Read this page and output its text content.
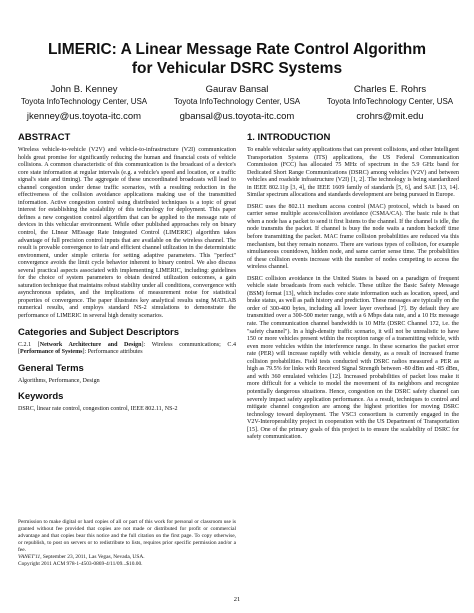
LIMERIC: A Linear Message Rate Control Algorithm
for Vehicular DSRC Systems
John B. Kenney
Toyota InfoTechnology Center, USA
jkenney@us.toyota-itc.com
Gaurav Bansal
Toyota InfoTechnology Center, USA
gbansal@us.toyota-itc.com
Charles E. Rohrs
Toyota InfoTechnology Center, USA
crohrs@mit.edu
ABSTRACT

Wireless vehicle-to-vehicle (V2V) and vehicle-to-infrastructure (V2I) communication holds great promise for significantly reducing the human and financial costs of vehicle collisions. A common characteristic of this communication is the broadcast of a device's core state information at regular intervals (e.g. a vehicle's speed and location, or a traffic signal's state and timing). The aggregate of these uncoordinated broadcasts will lead to channel congestion under dense traffic scenarios, with a resulting reduction in the effectiveness of the collision avoidance applications making use of the transmitted information. Active congestion control using distributed techniques is a topic of great interest for establishing the scalability of this technology for deployment. This paper defines a new congestion control algorithm that can be applied to the message rate of devices in this vehicular environment. While other published approaches rely on binary control, the LInear MEssage Rate Integrated Control (LIMERIC) algorithm takes advantage of full precision control inputs that are available on the wireless channel. The result is provable convergence to fair and efficient channel utilization in the deterministic environment, under simple criteria for setting adaptive parameters. This "perfect" convergence avoids the limit cycle behavior inherent to binary control. We also discuss several practical aspects associated with implementing LIMERIC, including: guidelines for the choice of system parameters to obtain desired utilization outcomes, a gain saturation technique that maintains robust stability under all conditions, convergence with asynchronous updates, and the implications of measurement noise for statistical properties of convergence. The paper illustrates key analytical results using MATLAB numerical results, and employs standard NS-2 simulations to demonstrate the performance of LIMERIC in several high density scenarios.

Categories and Subject Descriptors

C.2.1 [Network Architecture and Design]: Wireless communications; C.4 [Performance of Systems]: Performance attributes

General Terms

Algorithms, Performance, Design

Keywords

DSRC, linear rate control, congestion control, IEEE 802.11, NS-2

Permission to make digital or hard copies of all or part of this work for personal or classroom use is granted without fee provided that copies are not made or distributed for profit or commercial advantage and that copies bear this notice and the full citation on the first page. To copy otherwise, or republish, to post on servers or to redistribute to lists, requires prior specific permission and/or a fee.
VANET'11, September 23, 2011, Las Vegas, Nevada, USA.
Copyright 2011 ACM 978-1-4503-0869-4/11/09...$10.00.
1. INTRODUCTION

To enable vehicular safety applications that can prevent collisions, and other Intelligent Transportation Systems (ITS) applications, the US Federal Communication Commission (FCC) has allocated 75 MHz of spectrum in the 5.9 GHz band for Dedicated Short Range Communications (DSRC) among vehicles (V2V) and between vehicles and roadside infrastructure (V2I) [1, 2]. The technology is being standardized in IEEE 802.11p [3, 4], the IEEE 1609 family of standards [5, 6], and SAE [13, 14]. Similar spectrum allocations and standards development are being pursued in Europe.

DSRC uses the 802.11 medium access control (MAC) protocol, which is based on carrier sense multiple access/collision avoidance (CSMA/CA). The basic rule is that when a node has a packet to send it first listens to the channel. If the channel is idle, the node transmits the packet. If channel is busy the node waits a random backoff time before transmitting the packet. MAC frame collision probabilities are reduced via this mechanism, but they remain nonzero. There are various types of collision, for example simultaneous countdown, hidden node, and same carrier sense time. The probabilities of these collision events increase with the number of nodes competing to access the wireless channel.

DSRC collision avoidance in the United States is based on a paradigm of frequent vehicle state broadcasts from each vehicle. These utilize the Basic Safety Message (BSM) format [13], which includes core state information such as location, speed, and brake status, as well as path history and prediction. These messages are typically on the order of 300-400 bytes, including all lower layer overhead [7]. By default they are transmitted over a 300-500 meter range, with a 6 Mbps data rate, and a 10 Hz message rate. The communication channel bandwidth is 10 MHz (DSRC Channel 172, i.e. the "safety channel"). In a high-density traffic scenario, it will not be unrealistic to have 150 or more vehicles present within the reception range of a transmitting vehicle, with even more vehicles within the interference range. In these scenarios the packet error rate (PER) will increase rapidly with vehicle density, as a result of increased frame collision probabilities. Field tests conducted with DSRC radios measured a PER as high as 79.5% for links with Received Signal Strength between -80 dBm and -85 dBm, and with 360 emulated vehicles [12]. Increased probabilities of packet loss make it more difficult for a vehicle to model the movement of its neighbors and recognize potentially dangerous situations. Hence, congestion on the DSRC safety channel can severely impact safety application performance. As a result, techniques to control and mitigate channel congestion are among the highest priorities for moving DSRC technology toward deployment. The VSC3 consortium is currently engaged in the V2V-Interoperability project in cooperation with the US Department of Transportation [15]. One of the primary goals of this project is to ensure the scalability of DSRC for safety communication.

21
